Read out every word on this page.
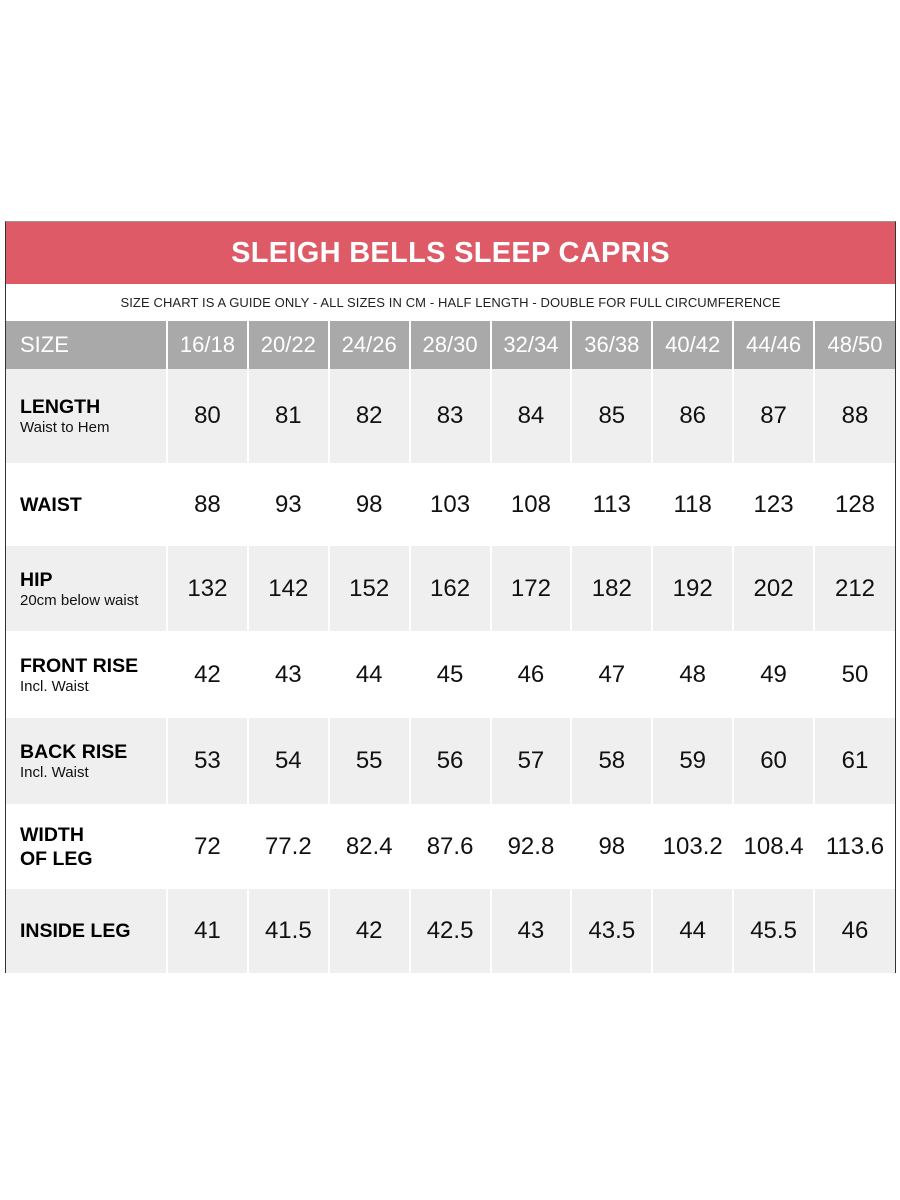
SLEIGH BELLS SLEEP CAPRIS
SIZE CHART IS A GUIDE ONLY - ALL SIZES IN CM - HALF LENGTH - DOUBLE FOR FULL CIRCUMFERENCE
SIZE	16/18	20/22	24/26	28/30	32/34	36/38	40/42	44/46	48/50

LENGTH
Waist to Hem	80	81	82	83	84	85	86	87	88

WAIST	88	93	98	103	108	113	118	123	128

HIP
20cm below waist	132	142	152	162	172	182	192	202	212

FRONT RISE
Incl. Waist	42	43	44	45	46	47	48	49	50

BACK RISE
Incl. Waist	53	54	55	56	57	58	59	60	61

WIDTH
OF LEG	72	77.2	82.4	87.6	92.8	98	103.2	108.4	113.6

INSIDE LEG	41	41.5	42	42.5	43	43.5	44	45.5	46
